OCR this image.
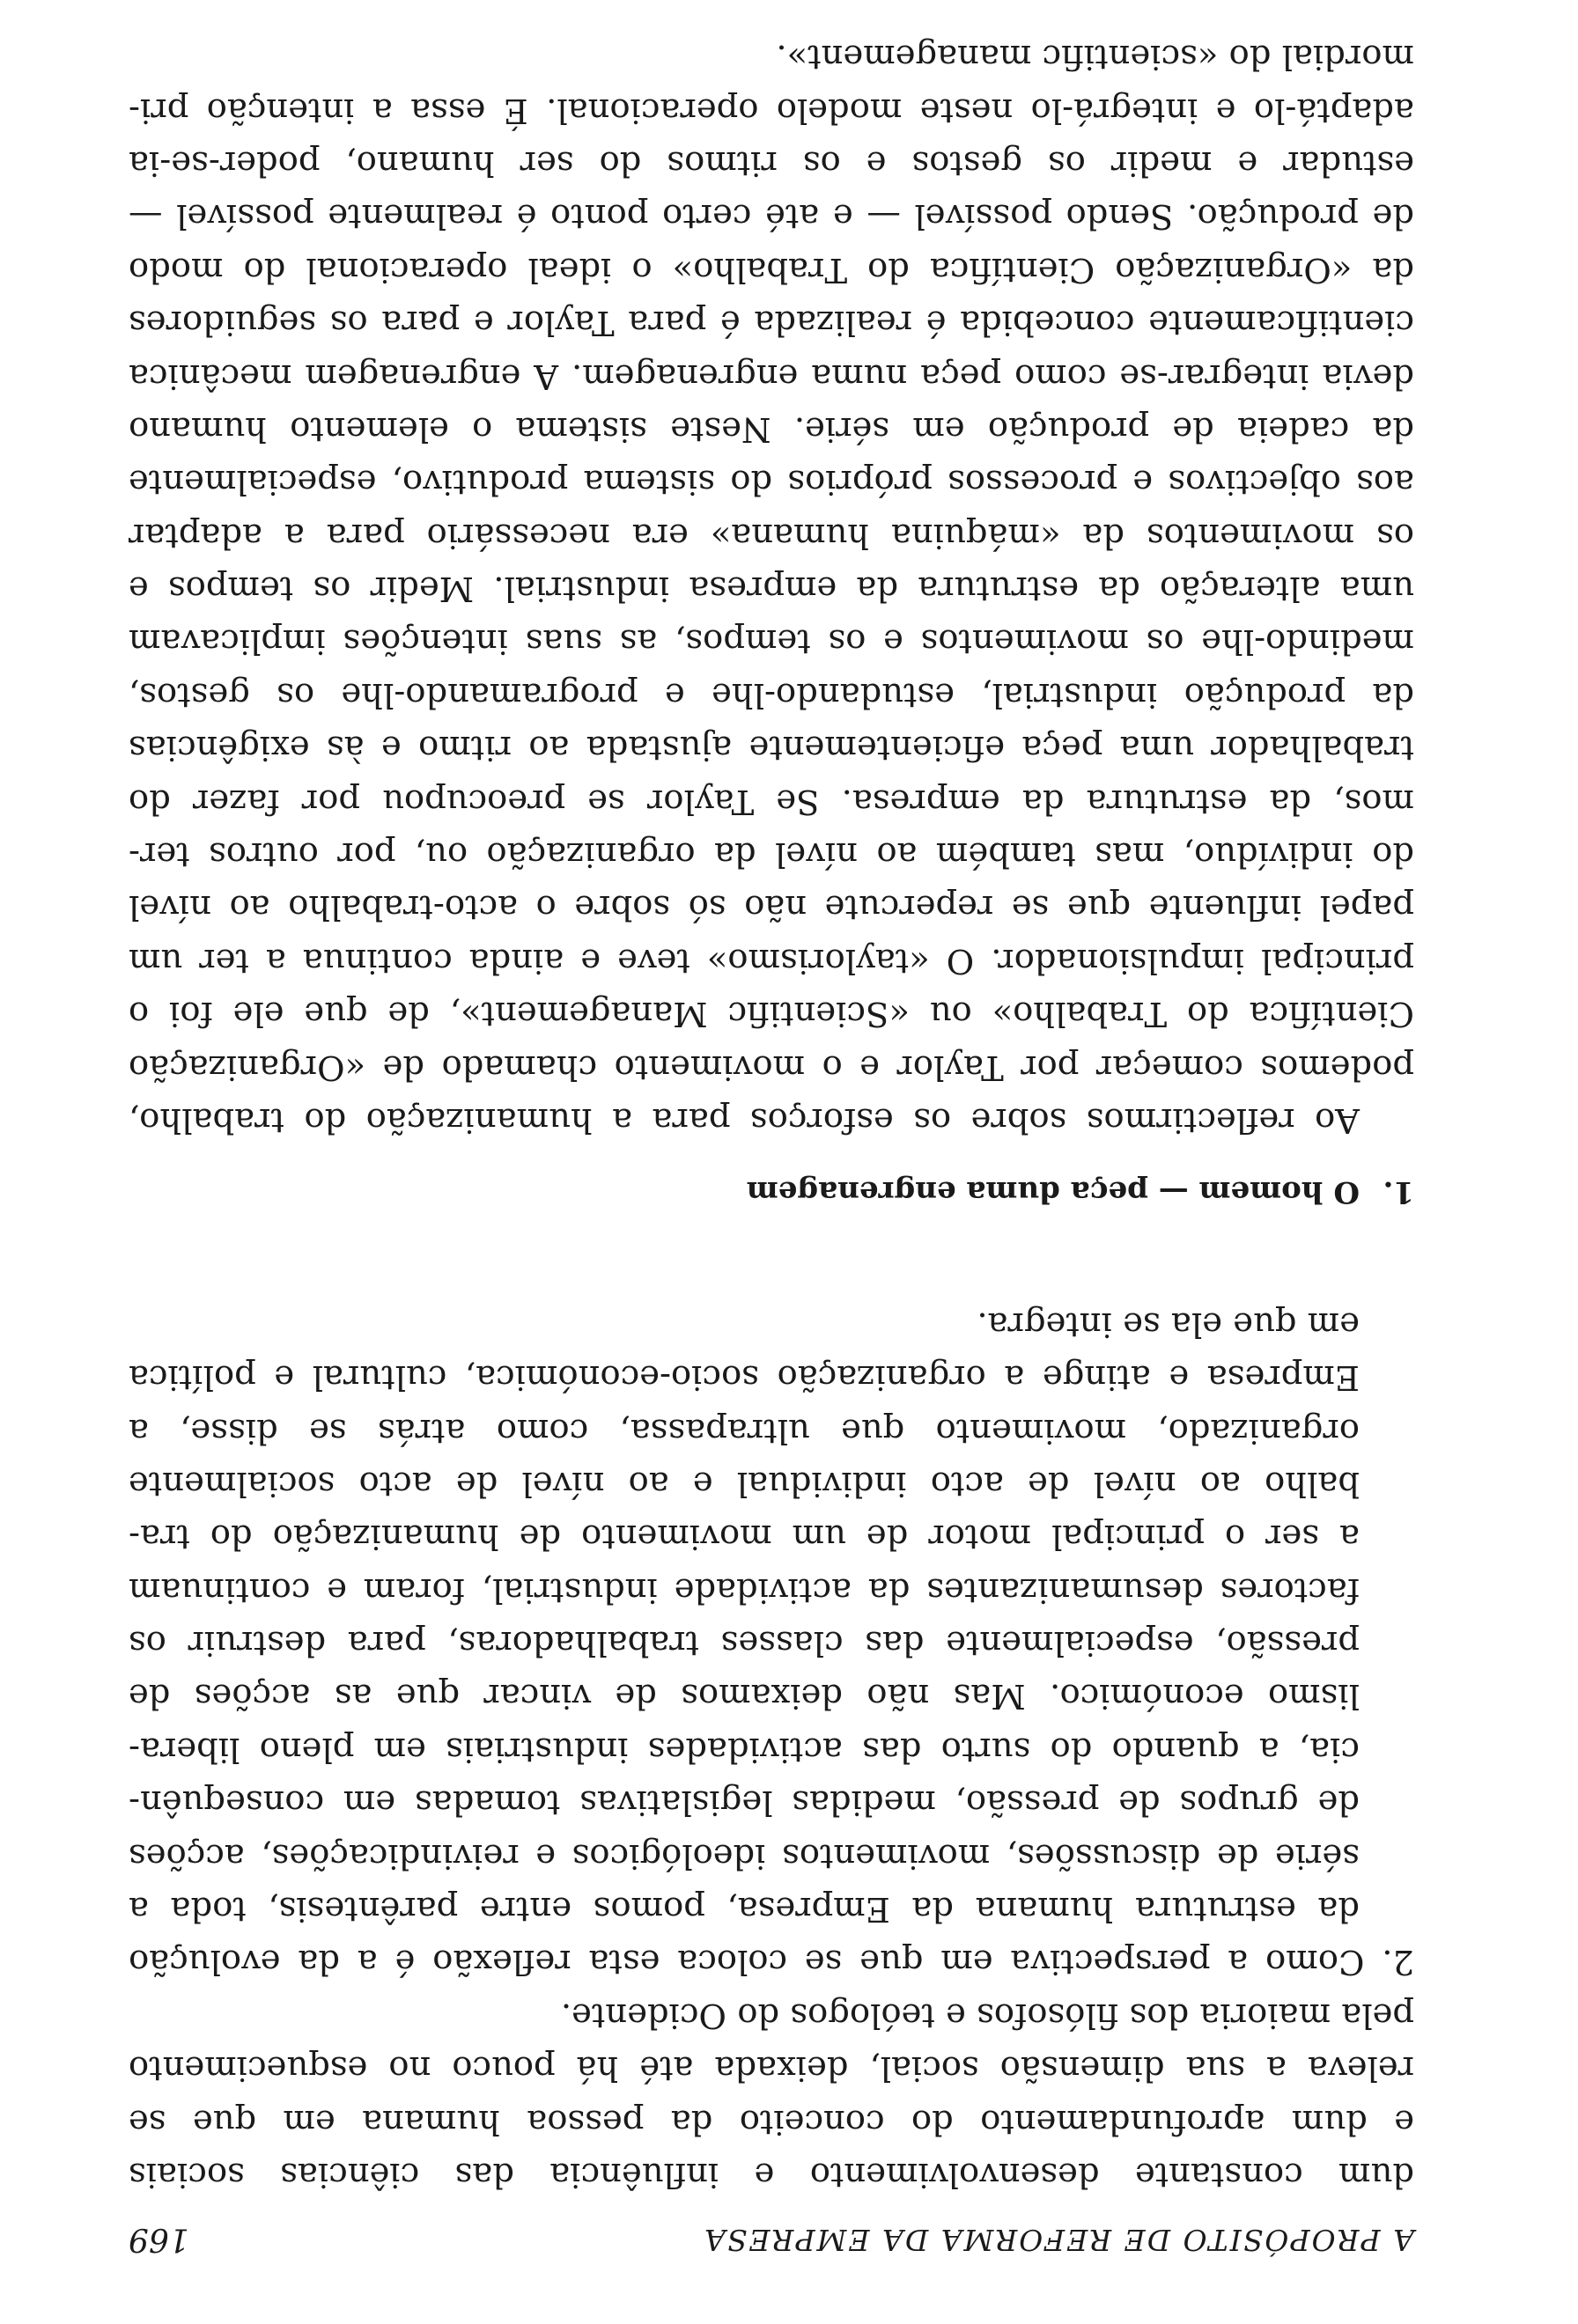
A PROPÓSITO DE REFORMA DA EMPRESA
169
dum constante desenvolvimento e influência das ciências sociais
e dum aprofundamento do conceito da pessoa humana em que se
releva a sua dimensão social, deixada até há pouco no esquecimento
pela maioria dos filósofos e teólogos do Ocidente.
2. Como a perspectiva em que se coloca esta reflexão é a da evolução
da estrutura humana da Empresa, pomos entre parêntesis, toda a
série de discussões, movimentos ideológicos e reivindicações, acções
de grupos de pressão, medidas legislativas tomadas em consequên-
cia, a quando do surto das actividades industriais em pleno libera-
lismo económico. Mas não deixamos de vincar que as acções de
pressão, especialmente das classes trabalhadoras, para destruir os
factores desumanizantes da actividade industrial, foram e continuam
a ser o principal motor de um movimento de humanização do tra-
balho ao nível de acto individual e ao nível de acto socialmente
organizado, movimento que ultrapassa, como atrás se disse, a
Empresa e atinge a organização socio-económica, cultural e política
em que ela se integra.
1.O homem — peça duma engrenagem
Ao reflectirmos sobre os esforços para a humanização do trabalho,
podemos começar por Taylor e o movimento chamado de «Organização
Científica do Trabalho» ou «Scientific Management», de que ele foi o
principal impulsionador. O «taylorismo» teve e ainda continua a ter um
papel influente que se repercute não só sobre o acto-trabalho ao nível
do indivíduo, mas também ao nível da organização ou, por outros ter-
mos, da estrutura da empresa. Se Taylor se preocupou por fazer do
trabalhador uma peça eficientemente ajustada ao ritmo e às exigências
da produção industrial, estudando-lhe e programando-lhe os gestos,
medindo-lhe os movimentos e os tempos, as suas intenções implicavam
uma alteração da estrutura da empresa industrial. Medir os tempos e
os movimentos da «máquina humana» era necessário para a adaptar
aos objectivos e processos próprios do sistema produtivo, especialmente
da cadeia de produção em série. Neste sistema o elemento humano
devia integrar-se como peça numa engrenagem. A engrenagem mecânica
cientificamente concebida é realizada é para Taylor e para os seguidores
da «Organização Científica do Trabalho» o ideal operacional do modo
de produção. Sendo possível — e até certo ponto é realmente possível —
estudar e medir os gestos e os ritmos do ser humano, poder-se-ia
adaptá-lo e integrá-lo neste modelo operacional. É essa a intenção pri-
mordial do «scientific management».
